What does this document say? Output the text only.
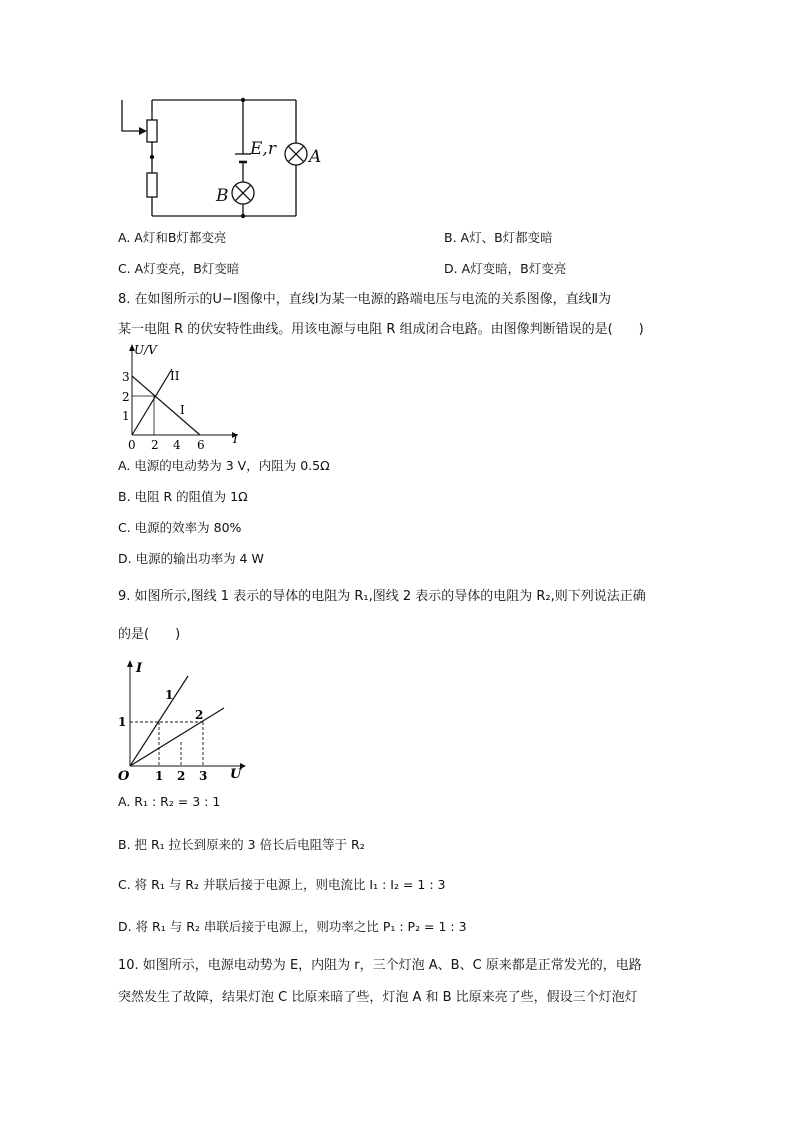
E,r A
B
A. A灯和B灯都变亮	B. A灯、B灯都变暗
C. A灯变亮，B灯变暗	D. A灯变暗，B灯变亮
8. 在如图所示的U−I图像中，直线Ⅰ为某一电源的路端电压与电流的关系图像，直线Ⅱ为
某一电阻 R 的伏安特性曲线。用该电源与电阻 R 组成闭合电路。由图像判断错误的是(　　)
U/V
I
0 2 4 6
1
2
3
I
II
A. 电源的电动势为 3 V，内阻为 0.5Ω
B. 电阻 R 的阻值为 1Ω
C. 电源的效率为 80%
D. 电源的输出功率为 4 W
9. 如图所示,图线 1 表示的导体的电阻为 R₁,图线 2 表示的导体的电阻为 R₂,则下列说法正确
的是(　　)
I
U
O 1 2 3
1
1
2
A. R₁ : R₂ = 3 : 1
B. 把 R₁ 拉长到原来的 3 倍长后电阻等于 R₂
C. 将 R₁ 与 R₂ 并联后接于电源上，则电流比 I₁ : I₂ = 1 : 3
D. 将 R₁ 与 R₂ 串联后接于电源上，则功率之比 P₁ : P₂ = 1 : 3
10. 如图所示，电源电动势为 E，内阻为 r，三个灯泡 A、B、C 原来都是正常发光的，电路
突然发生了故障，结果灯泡 C 比原来暗了些，灯泡 A 和 B 比原来亮了些，假设三个灯泡灯
